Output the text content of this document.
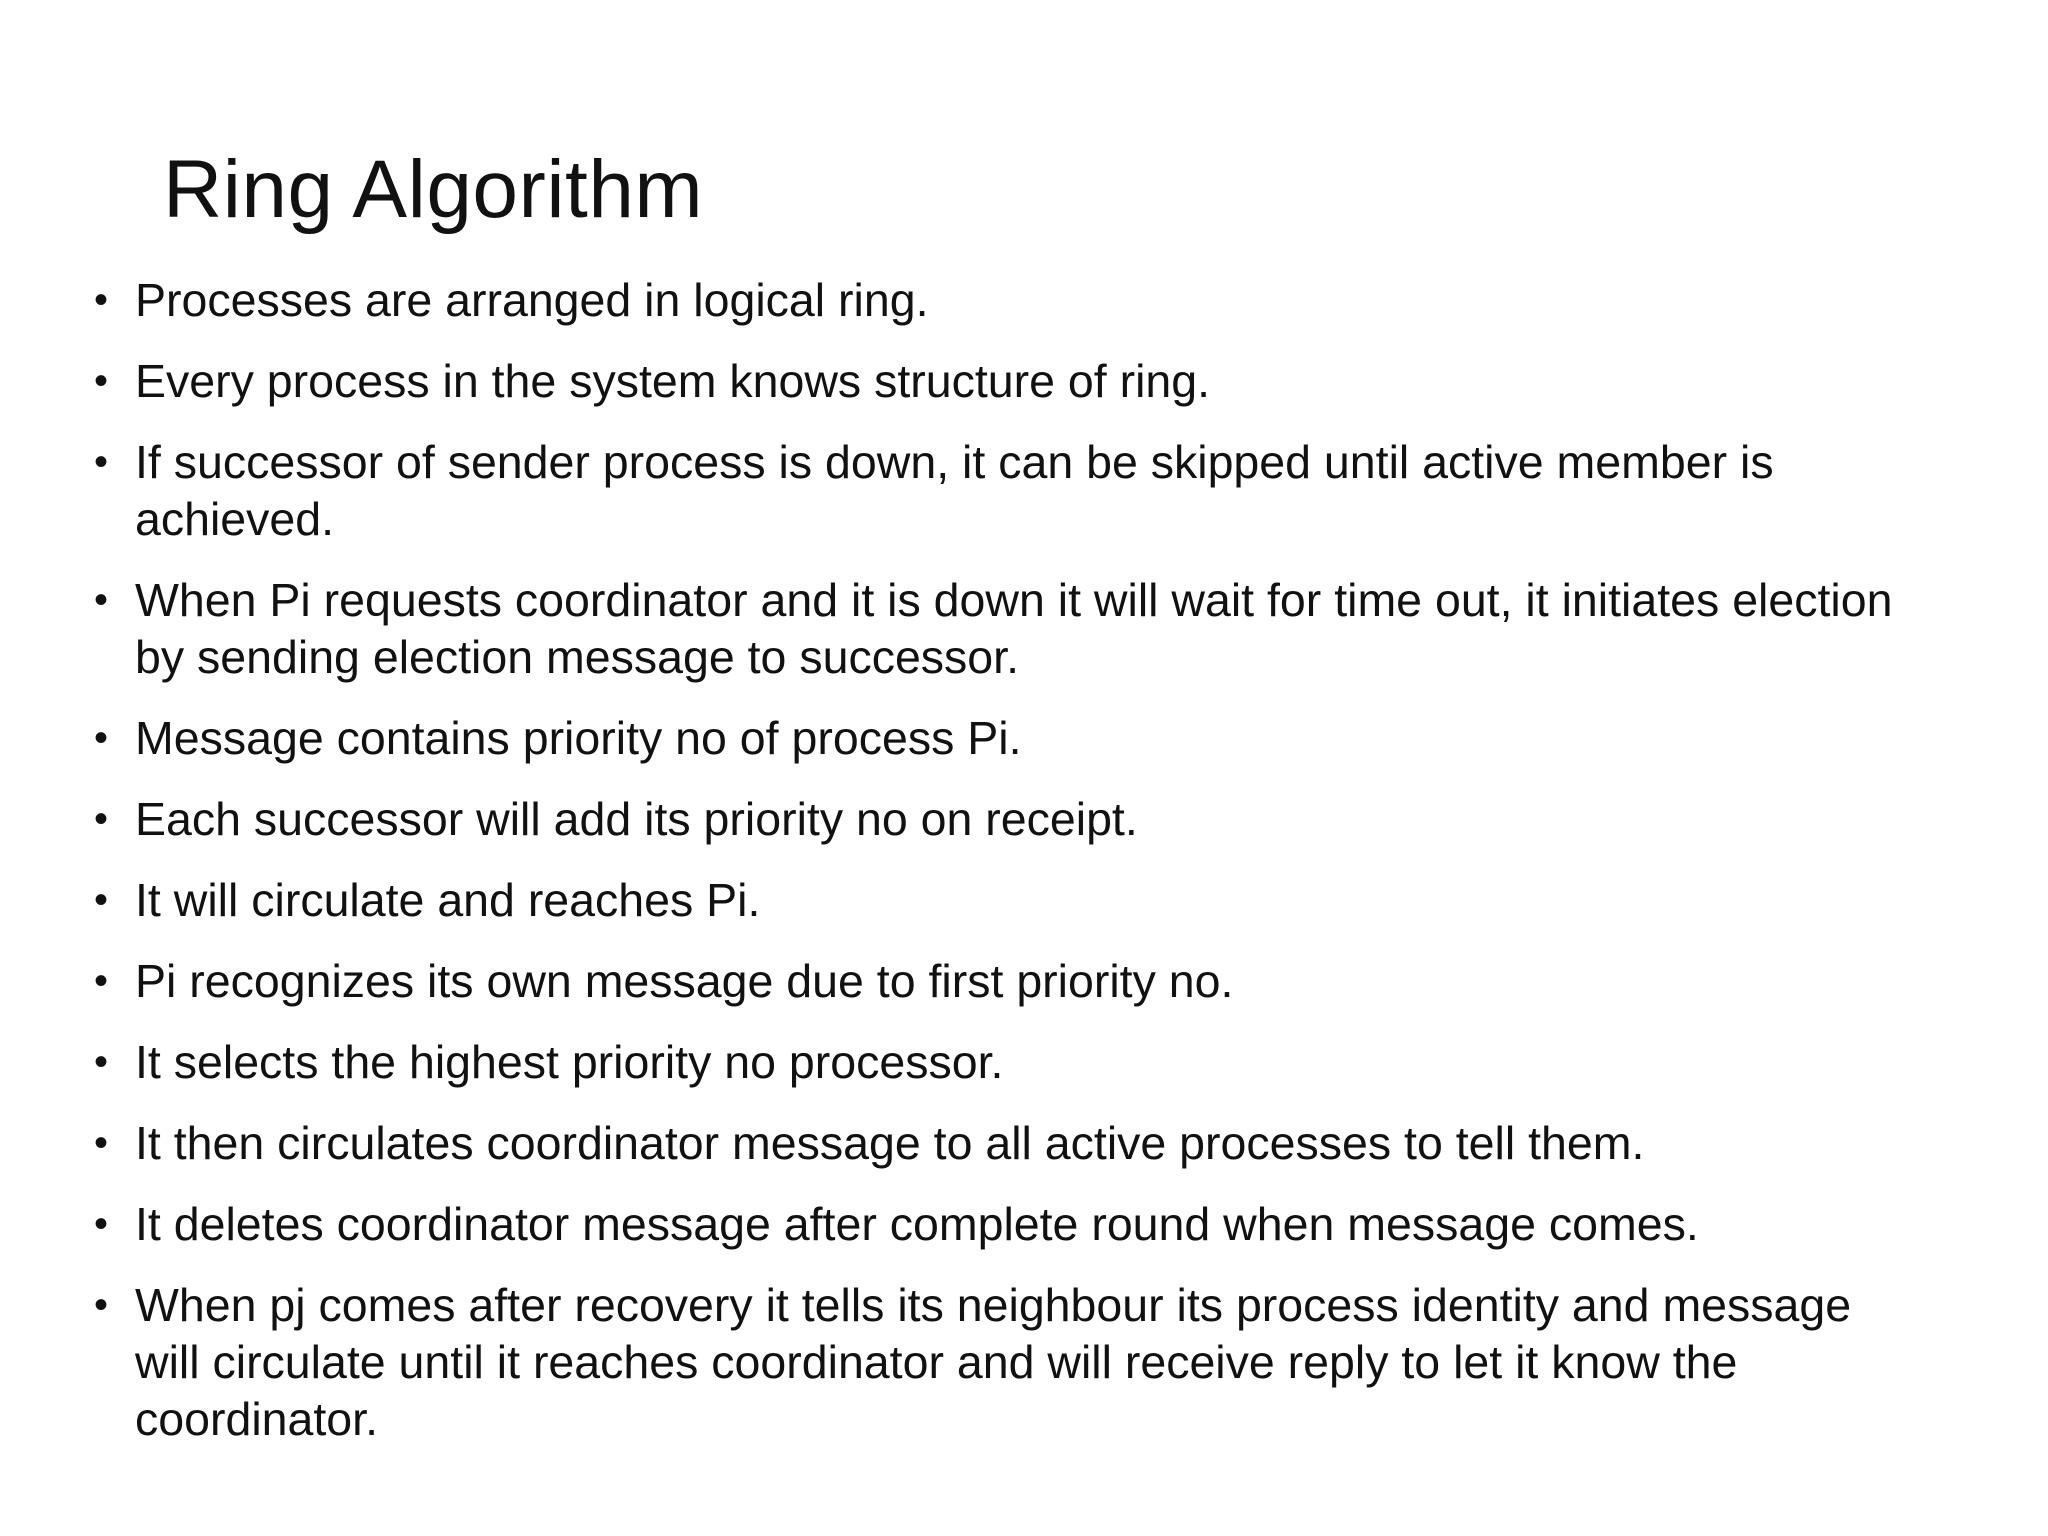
Ring Algorithm
• Processes are arranged in logical ring.
• Every process in the system knows structure of ring.
• If successor of sender process is down, it can be skipped until active member is achieved.
• When Pi requests coordinator and it is down it will wait for time out, it initiates election by sending election message to successor.
• Message contains priority no of process Pi.
• Each successor will add its priority no on receipt.
• It will circulate and reaches Pi.
• Pi recognizes its own message due to first priority no.
• It selects the highest priority no processor.
• It then circulates coordinator message to all active processes to tell them.
• It deletes coordinator message after complete round when message comes.
• When pj comes after recovery it tells its neighbour its process identity and message will circulate until it reaches coordinator and will receive reply to let it know the coordinator.
